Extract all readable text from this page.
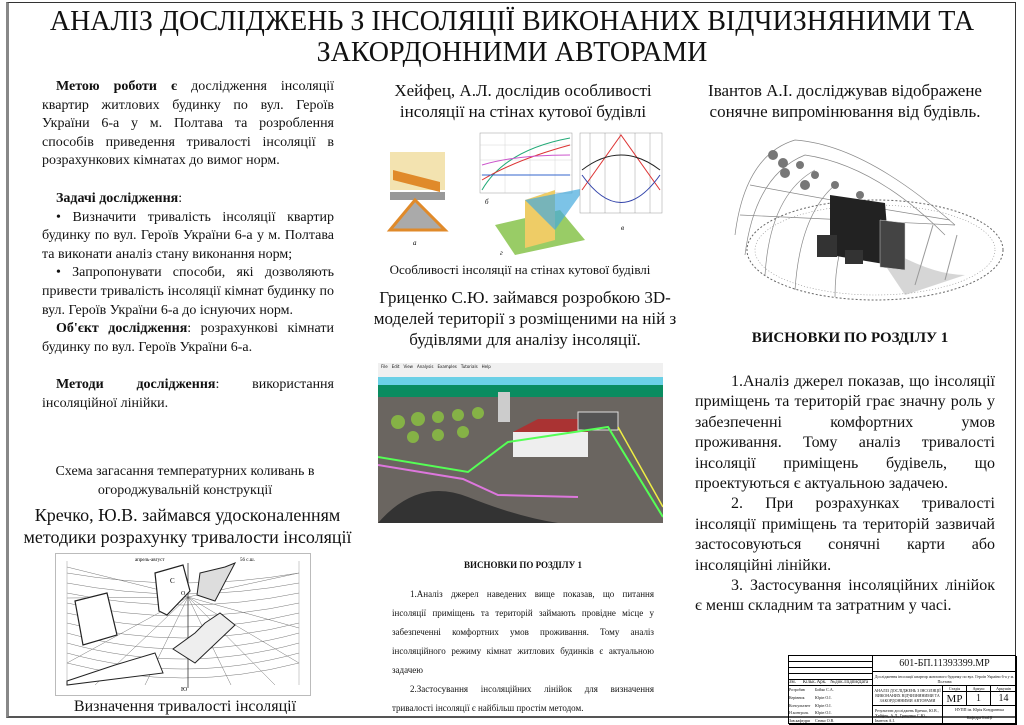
АНАЛІЗ ДОСЛІДЖЕНЬ З ІНСОЛЯЦІЇ ВИКОНАНИХ ВІДЧИЗНЯНИМИ ТА
ЗАКОРДОННИМИ АВТОРАМИ

Метою роботи є дослідження інсоляції квартир житлових будинку по вул. Героїв України 6-а у м. Полтава та розроблення способів приведення тривалості інсоляції в розрахункових кімнатах до вимог норм.

Задачі дослідження:

• Визначити тривалість інсоляції квартир будинку по вул. Героїв України 6-а у м. Полтава та виконати аналіз стану виконання норм;

• Запропонувати способи, які дозволяють привести тривалість інсоляції кімнат будинку по вул. Героїв України 6-а до існуючих норм.

Об'єкт дослідження: розрахункові кімнати будинку по вул. Героїв України 6-а.

Методи дослідження: використання інсоляційної лінійки.

Схема загасання температурних коливань в огороджувальній конструкції
Кречко, Ю.В. займався удосконаленням методики розрахунку тривалости інсоляції
апрель-август	56 с.ш.
С
О
Ю
Визначення тривалості інсоляції
Хейфец, А.Л. дослідив особливості інсоляції на стінах кутової будівлі
а
б
г
в
Особливості інсоляції на стінах кутової будівлі
Гриценко С.Ю. займався розробкою 3D-моделей території з розміщеними на ній з будівлями для аналізу інсоляції.
File Edit View Analysis Examples Tutorials Help
ВИСНОВКИ ПО РОЗДІЛУ 1

1.Аналіз джерел наведених вище показав, що питання інсоляції приміщень та територій займають провідне місце у забезпеченні комфортних умов проживання. Тому аналіз інсоляційного режиму кімнат житлових будинків є актуальною задачею

2.Застосування інсоляційних лінійок для визначення тривалості інсоляції є найбільш простім методом.

Івантов А.І. досліджував відображене сонячне випромінювання від будівль.
ВИСНОВКИ ПО РОЗДІЛУ 1

1.Аналіз джерел показав, що інсоляції приміщень та територій грає значну роль у забезпеченні комфортних умов проживання. Тому аналіз тривалості інсоляції приміщень будівель, що проектуються є актуальною задачею.

2. При розрахунках тривалості інсоляції приміщень та територій зазвичай застосовуються сонячні карти або інсоляційні лінійки.

3. Застосування інсоляційних лінійок є менш складним та затратним у часі.

Зм.	Кільк. Арк. №док. Підпис
Дата
Розробив	Бойко С.А.
Керівник	Юрін О.І.
Консультант Юрін О.І.
Н.контроль Юрін О.І.
Зав.кафедри Семко О.В.
601-БП.11393399.МР
Дослідження інсоляції квартир житлового будинку по вул. Героїв України 6-а у м. Полтава
АНАЛІЗ ДОСЛІДЖЕНЬ З ІНСОЛЯЦІЇ ВИКОНАНИХ ВІДЧИЗНЯНИМИ ТА ЗАКОРДОННИМИ АВТОРАМИ
Стадія	Аркуш	Аркушів
МР	1	14
Результати досліджень Кречко, Ю.В., Хейфец, А.Л., Гриценко С.Ю., Івантов А.І.
НУПП ім. Юрія Кондратюка
Кафедра БтаЦІ
